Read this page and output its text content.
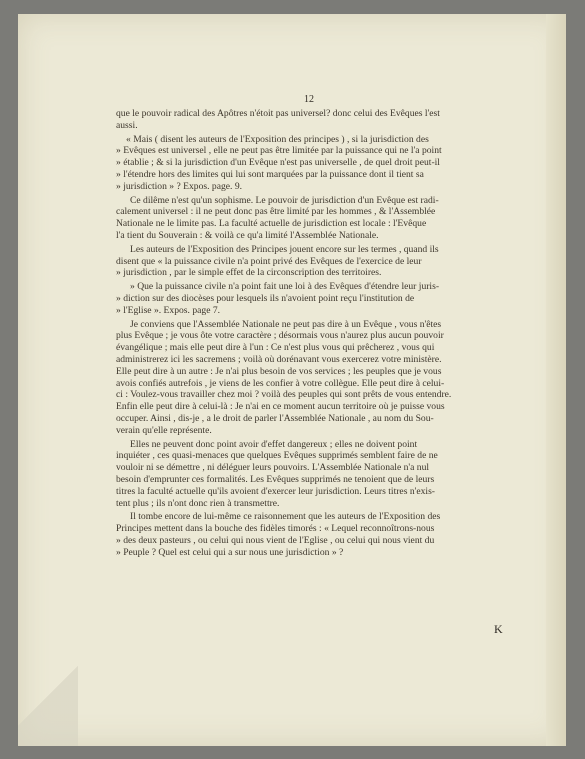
12

que le pouvoir radical des Apôtres n'étoit pas universel? donc celui des Evêques l'est
aussi.

« Mais ( disent les auteurs de l'Exposition des principes ) , si la jurisdiction des
» Evêques est universel , elle ne peut pas être limitée par la puissance qui ne l'a point
» établie ; & si la jurisdiction d'un Evêque n'est pas universelle , de quel droit peut-il
» l'étendre hors des limites qui lui sont marquées par la puissance dont il tient sa
» jurisdiction » ? Expos. page. 9.

Ce dilême n'est qu'un sophisme. Le pouvoir de jurisdiction d'un Evêque est radi-
calement universel : il ne peut donc pas être limité par les hommes , & l'Assemblée
Nationale ne le limite pas. La faculté actuelle de jurisdiction est locale : l'Evêque
l'a tient du Souverain : & voilà ce qu'a limité l'Assemblée Nationale.

Les auteurs de l'Exposition des Principes jouent encore sur les termes , quand ils
disent que « la puissance civile n'a point privé des Evêques de l'exercice de leur
» jurisdiction , par le simple effet de la circonscription des territoires.

» Que la puissance civile n'a point fait une loi à des Evêques d'étendre leur juris-
» diction sur des diocèses pour lesquels ils n'avoient point reçu l'institution de
» l'Eglise ». Expos. page 7.

Je conviens que l'Assemblée Nationale ne peut pas dire à un Evêque , vous n'êtes
plus Evêque ; je vous ôte votre caractère ; désormais vous n'aurez plus aucun pouvoir
évangélique ; mais elle peut dire à l'un : Ce n'est plus vous qui prêcherez , vous qui
administrerez ici les sacremens ; voilà où dorénavant vous exercerez votre ministère.
Elle peut dire à un autre : Je n'ai plus besoin de vos services ; les peuples que je vous
avois confiés autrefois , je viens de les confier à votre collègue. Elle peut dire à celui-
ci : Voulez-vous travailler chez moi ? voilà des peuples qui sont prêts de vous entendre.
Enfin elle peut dire à celui-là : Je n'ai en ce moment aucun territoire où je puisse vous
occuper. Ainsi , dis-je , a le droit de parler l'Assemblée Nationale , au nom du Sou-
verain qu'elle représente.

Elles ne peuvent donc point avoir d'effet dangereux ; elles ne doivent point
inquiéter , ces quasi-menaces que quelques Evêques supprimés semblent faire de ne
vouloir ni se démettre , ni déléguer leurs pouvoirs. L'Assemblée Nationale n'a nul
besoin d'emprunter ces formalités. Les Evêques supprimés ne tenoient que de leurs
titres la faculté actuelle qu'ils avoient d'exercer leur jurisdiction. Leurs titres n'exis-
tent plus ; ils n'ont donc rien à transmettre.

Il tombe encore de lui-même ce raisonnement que les auteurs de l'Exposition des
Principes mettent dans la bouche des fidèles timorés : « Lequel reconnoîtrons-nous
» des deux pasteurs , ou celui qui nous vient de l'Eglise , ou celui qui nous vient du
» Peuple ? Quel est celui qui a sur nous une jurisdiction » ?

K
